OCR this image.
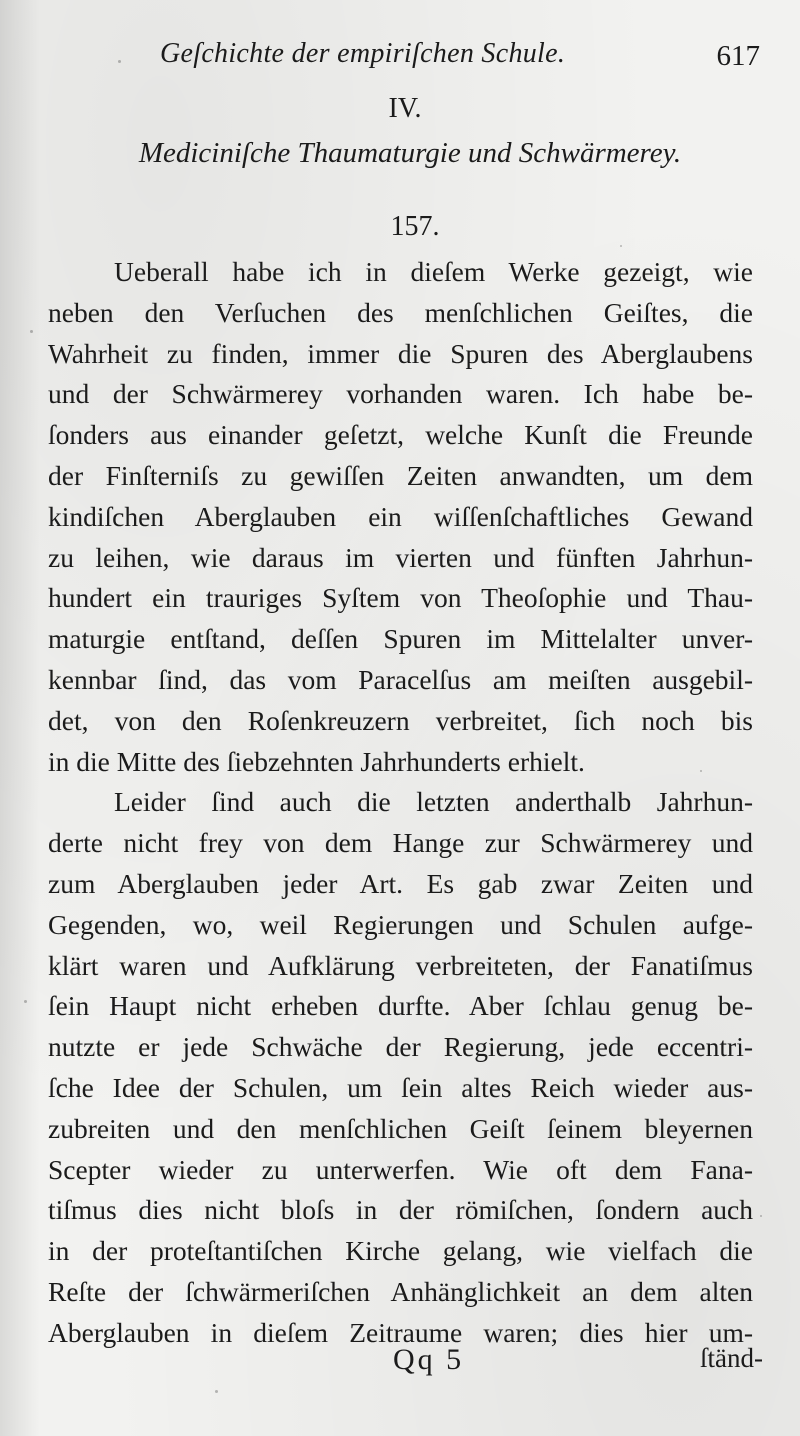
Geſchichte der empiriſchen Schule.	617
IV.
Mediciniſche Thaumaturgie und Schwärmerey.
157.
Ueberall habe ich in dieſem Werke gezeigt, wie
neben den Verſuchen des menſchlichen Geiſtes, die
Wahrheit zu finden, immer die Spuren des Aberglaubens
und der Schwärmerey vorhanden waren. Ich habe be-
ſonders aus einander geſetzt, welche Kunſt die Freunde
der Finſterniſs zu gewiſſen Zeiten anwandten, um dem
kindiſchen Aberglauben ein wiſſenſchaftliches Gewand
zu leihen, wie daraus im vierten und fünften Jahrhun-
hundert ein trauriges Syſtem von Theoſophie und Thau-
maturgie entſtand, deſſen Spuren im Mittelalter unver-
kennbar ſind, das vom Paracelſus am meiſten ausgebil-
det, von den Roſenkreuzern verbreitet, ſich noch bis
in die Mitte des ſiebzehnten Jahrhunderts erhielt.
Leider ſind auch die letzten anderthalb Jahrhun-
derte nicht frey von dem Hange zur Schwärmerey und
zum Aberglauben jeder Art. Es gab zwar Zeiten und
Gegenden, wo, weil Regierungen und Schulen aufge-
klärt waren und Aufklärung verbreiteten, der Fanatiſmus
ſein Haupt nicht erheben durfte. Aber ſchlau genug be-
nutzte er jede Schwäche der Regierung, jede eccentri-
ſche Idee der Schulen, um ſein altes Reich wieder aus-
zubreiten und den menſchlichen Geiſt ſeinem bleyernen
Scepter wieder zu unterwerfen. Wie oft dem Fana-
tiſmus dies nicht bloſs in der römiſchen, ſondern auch
in der proteſtantiſchen Kirche gelang, wie vielfach die
Reſte der ſchwärmeriſchen Anhänglichkeit an dem alten
Aberglauben in dieſem Zeitraume waren; dies hier um-
Qq 5	ſtänd-
